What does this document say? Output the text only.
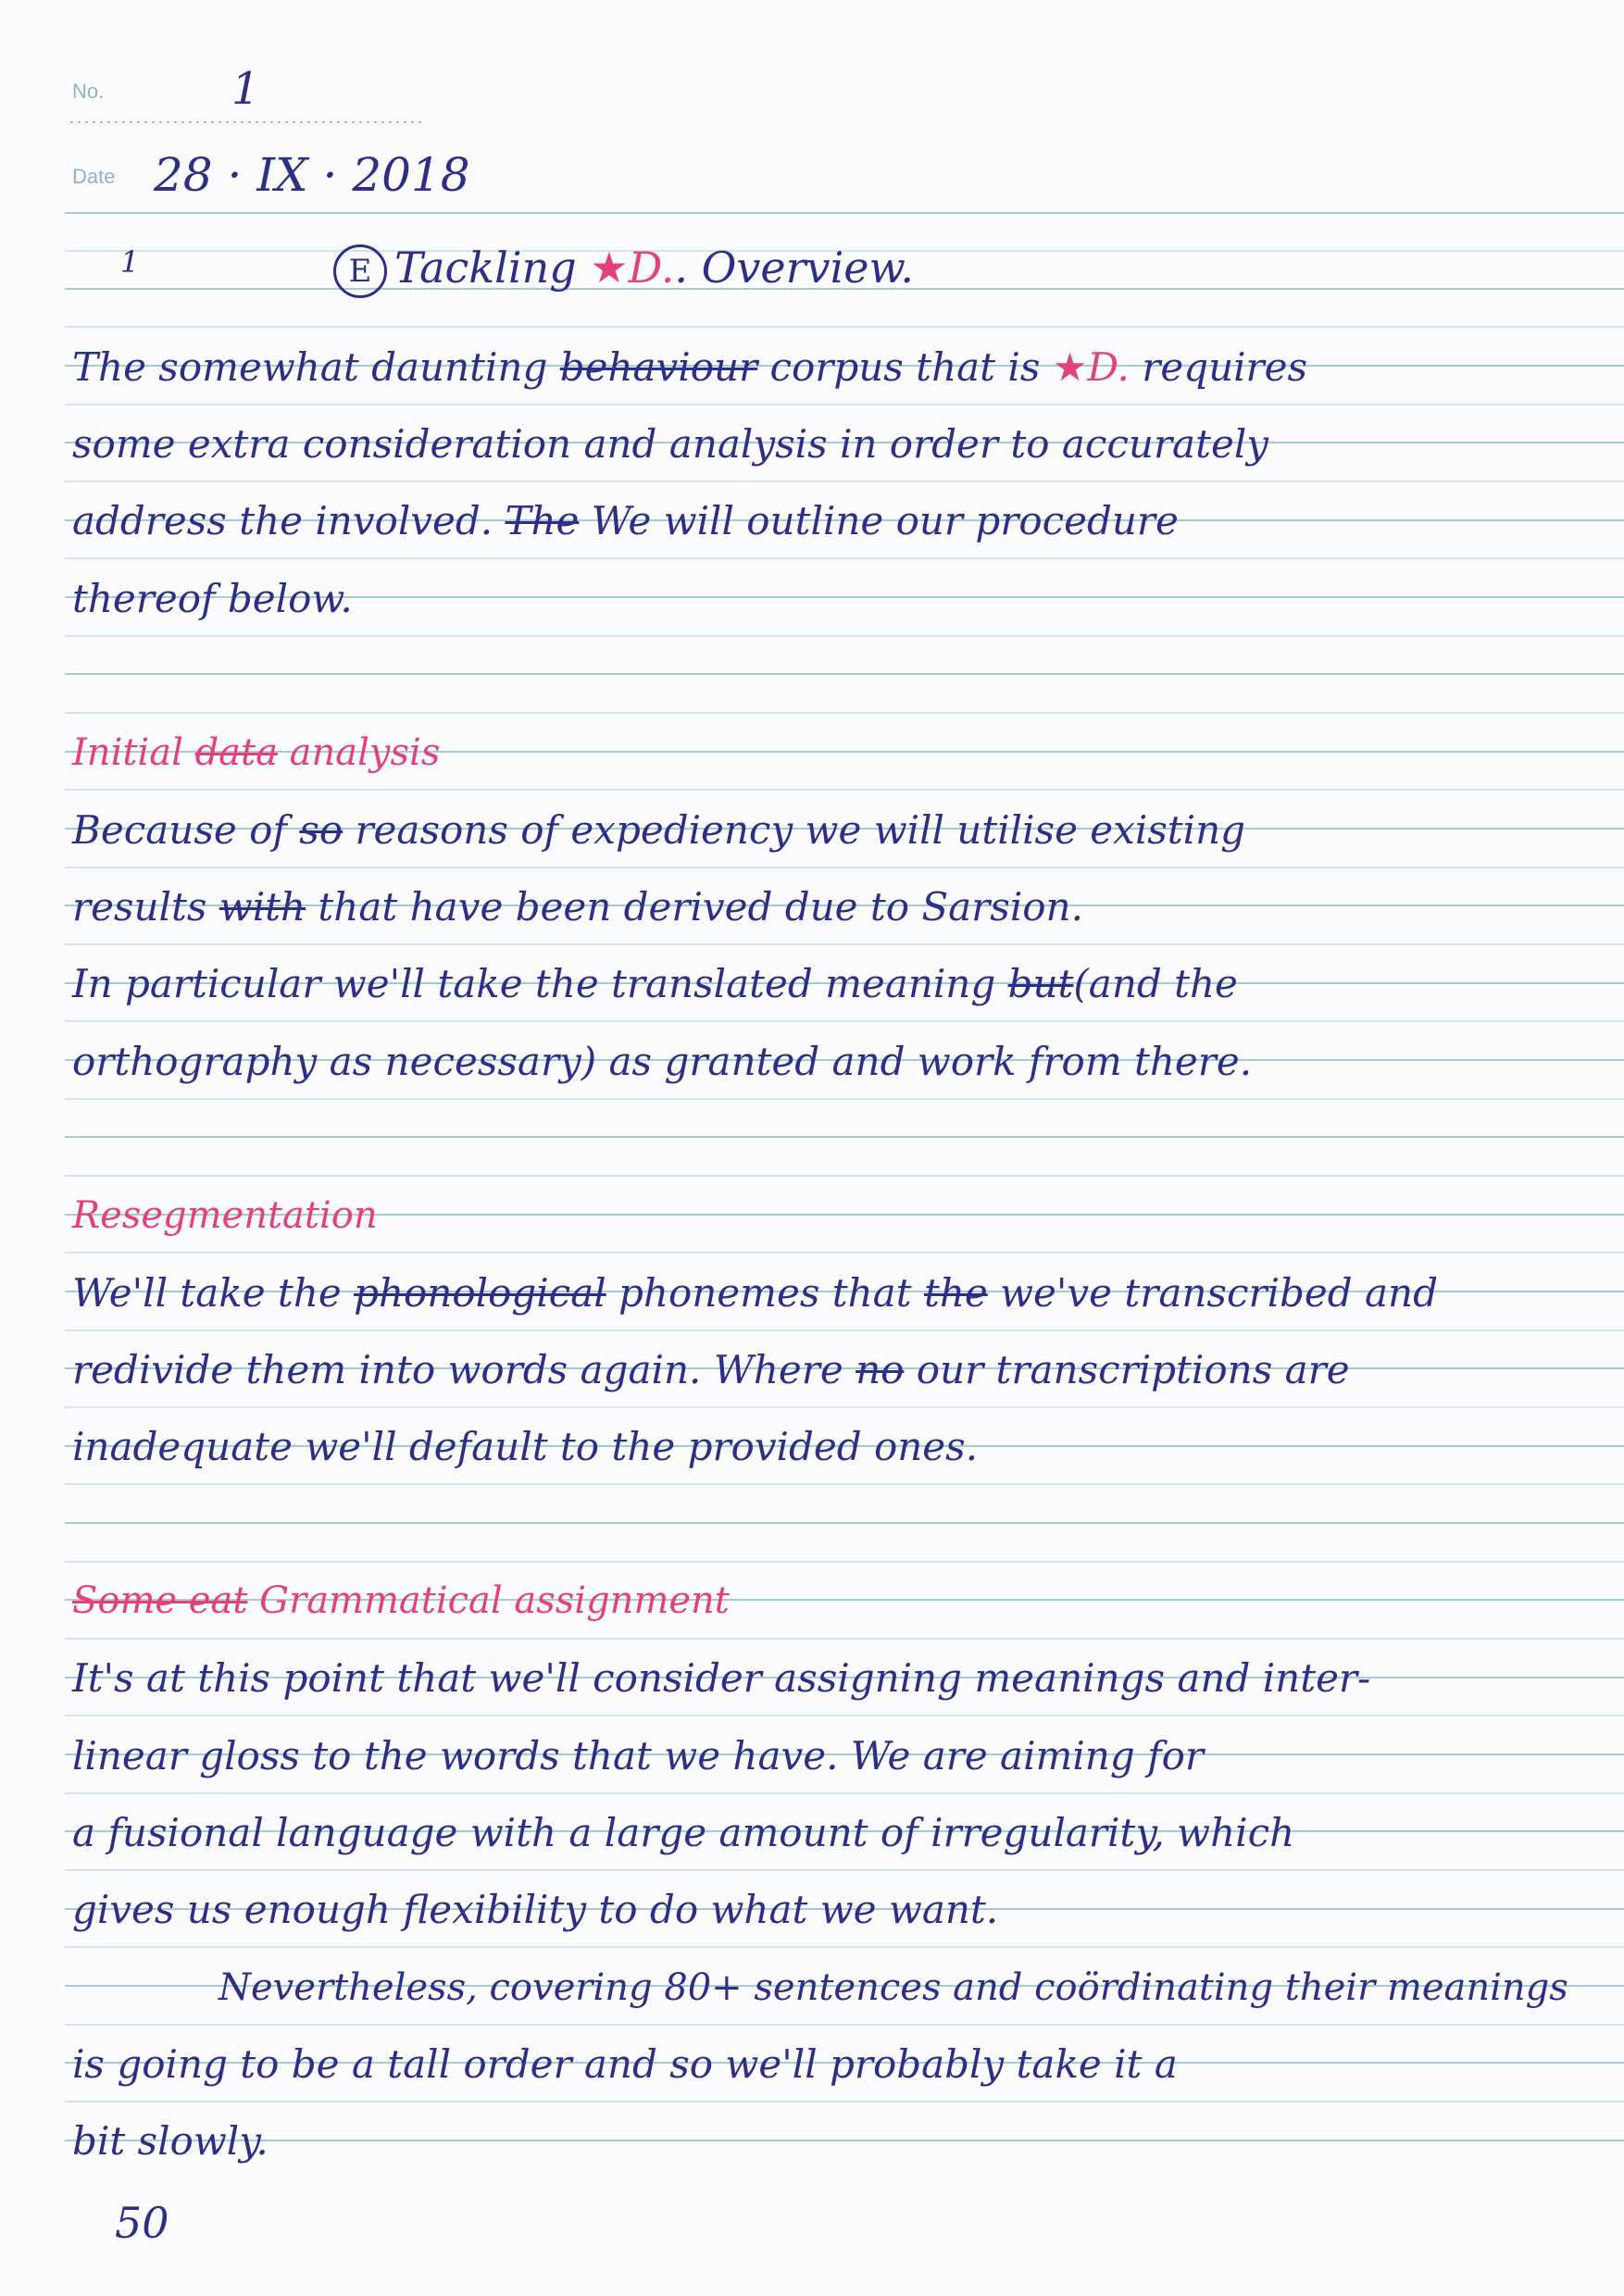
No.	1
Date 28 · IX · 2018
1	E Tackling ★D.. Overview.
The somewhat daunting behaviour corpus that is ★D. requires
some extra consideration and analysis in order to accurately
address the involved. The We will outline our procedure
thereof below.
Initial data analysis
Because of so reasons of expediency we will utilise existing
results with that have been derived due to Sarsion.
In particular we'll take the translated meaning but(and the
orthography as necessary) as granted and work from there.
Resegmentation
We'll take the phonological phonemes that the we've transcribed and
redivide them into words again. Where no our transcriptions are
inadequate we'll default to the provided ones.
Some eat Grammatical assignment
It's at this point that we'll consider assigning meanings and inter-
linear gloss to the words that we have. We are aiming for
a fusional language with a large amount of irregularity, which
gives us enough flexibility to do what we want.
Nevertheless, covering 80+ sentences and coördinating their meanings
is going to be a tall order and so we'll probably take it a
bit slowly.
50
